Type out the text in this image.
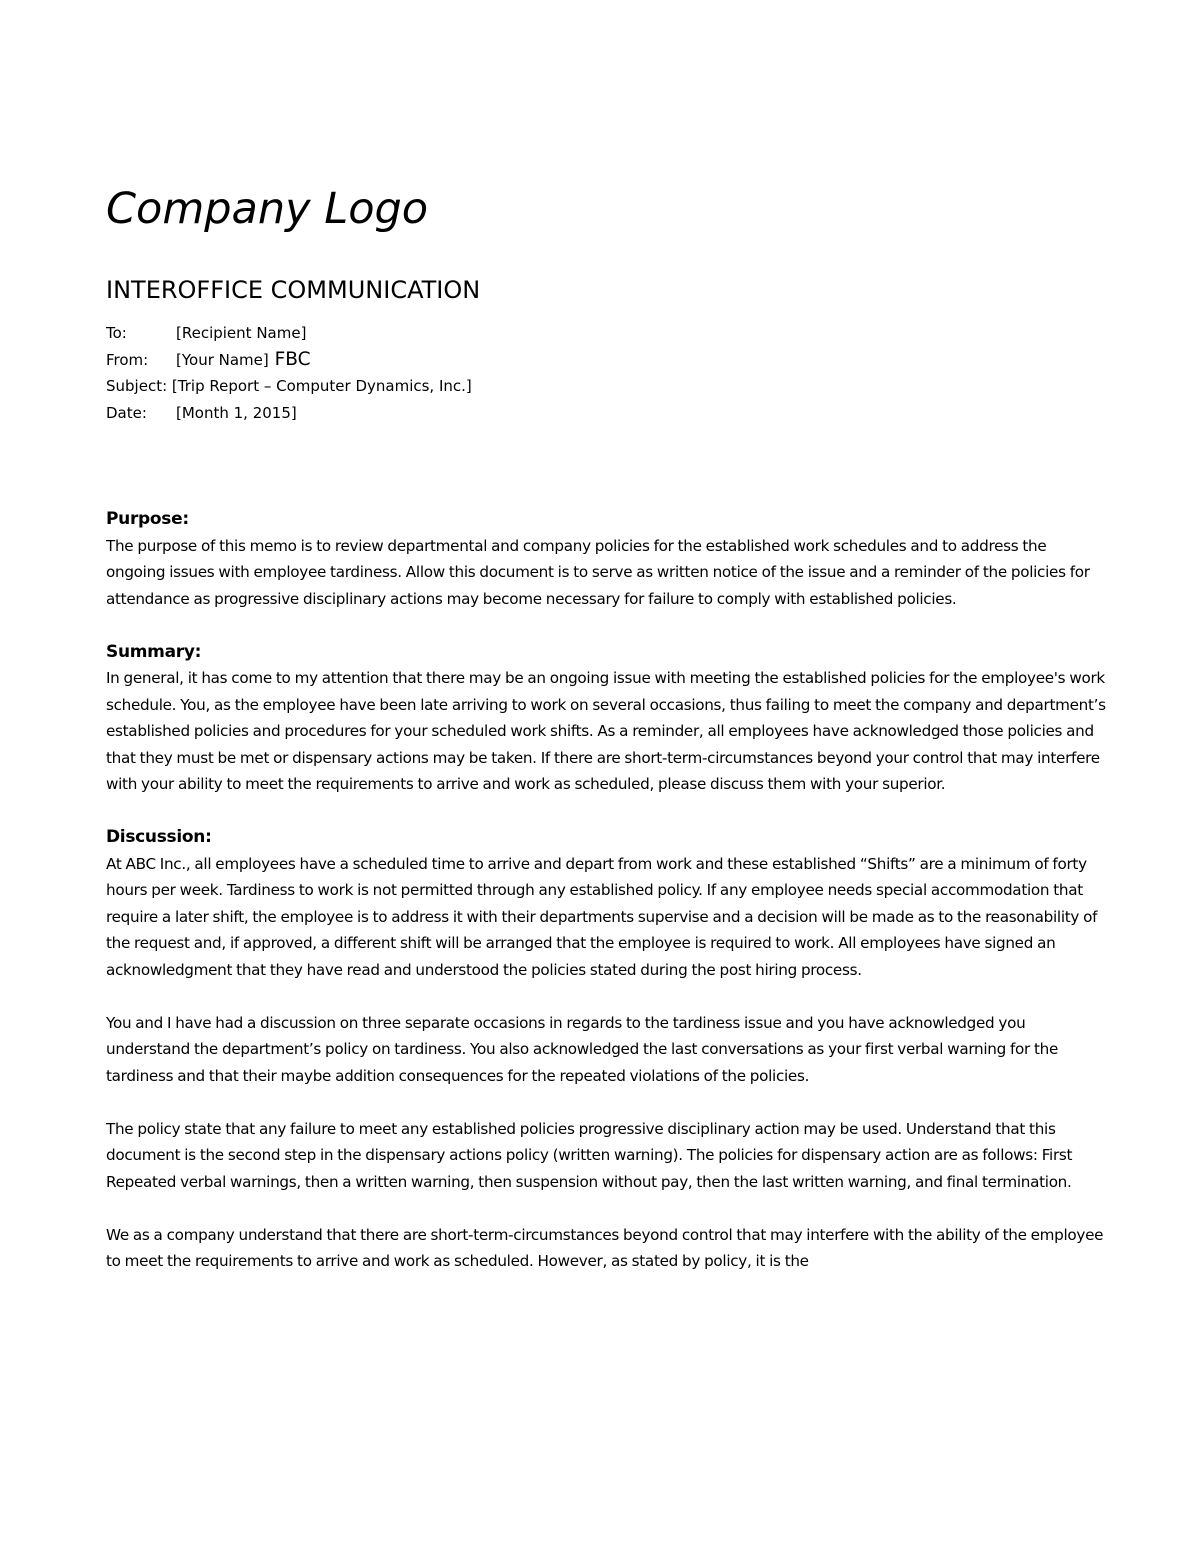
Company Logo
INTEROFFICE COMMUNICATION
To:	[Recipient Name]
From: [Your Name] FBC
Subject: [Trip Report – Computer Dynamics, Inc.]
Date: [Month 1, 2015]

Purpose:

The purpose of this memo is to review departmental and company policies for the established work schedules and to address the ongoing issues with employee tardiness. Allow this document is to serve as written notice of the issue and a reminder of the policies for attendance as progressive disciplinary actions may become necessary for failure to comply with established policies.

Summary:

In general, it has come to my attention that there may be an ongoing issue with meeting the established policies for the employee's work schedule. You, as the employee have been late arriving to work on several occasions, thus failing to meet the company and department’s established policies and procedures for your scheduled work shifts. As a reminder, all employees have acknowledged those policies and that they must be met or dispensary actions may be taken. If there are short-term-circumstances beyond your control that may interfere with your ability to meet the requirements to arrive and work as scheduled, please discuss them with your superior.

Discussion:

At ABC Inc., all employees have a scheduled time to arrive and depart from work and these established “Shifts” are a minimum of forty hours per week. Tardiness to work is not permitted through any established policy. If any employee needs special accommodation that require a later shift, the employee is to address it with their departments supervise and a decision will be made as to the reasonability of the request and, if approved, a different shift will be arranged that the employee is required to work. All employees have signed an acknowledgment that they have read and understood the policies stated during the post hiring process.

You and I have had a discussion on three separate occasions in regards to the tardiness issue and you have acknowledged you understand the department’s policy on tardiness. You also acknowledged the last conversations as your first verbal warning for the tardiness and that their maybe addition consequences for the repeated violations of the policies.

The policy state that any failure to meet any established policies progressive disciplinary action may be used. Understand that this document is the second step in the dispensary actions policy (written warning). The policies for dispensary action are as follows: First Repeated verbal warnings, then a written warning, then suspension without pay, then the last written warning, and final termination.

We as a company understand that there are short-term-circumstances beyond control that may interfere with the ability of the employee to meet the requirements to arrive and work as scheduled. However, as stated by policy, it is the
